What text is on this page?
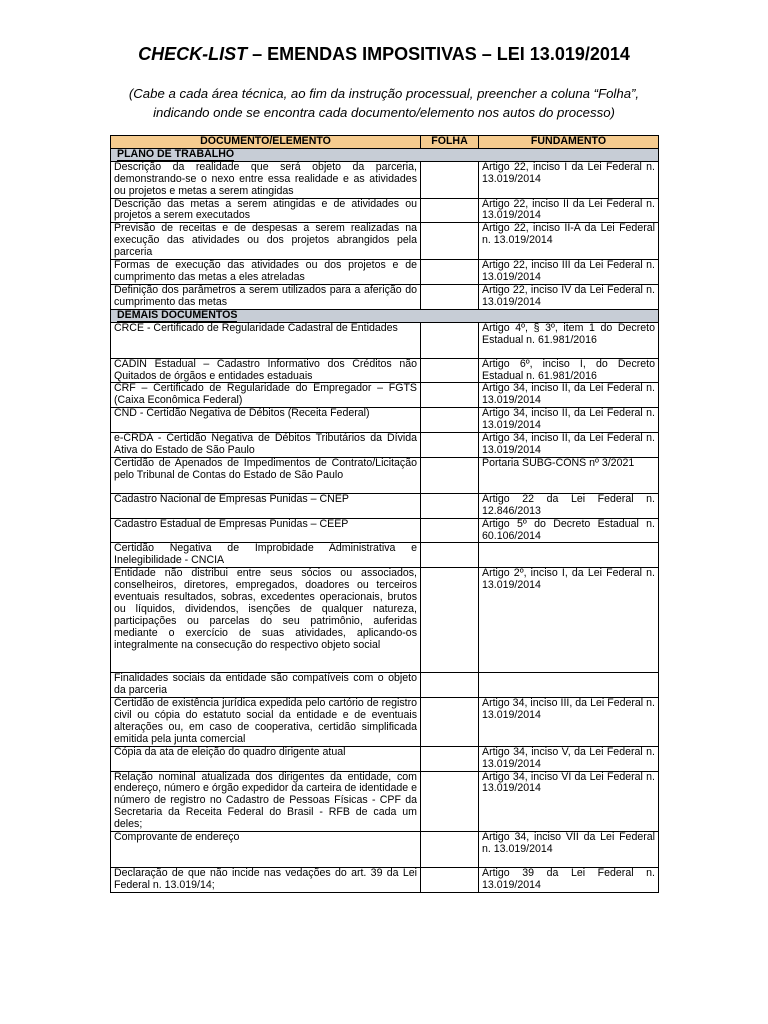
CHECK-LIST – EMENDAS IMPOSITIVAS – LEI 13.019/2014
(Cabe a cada área técnica, ao fim da instrução processual, preencher a coluna “Folha”,
indicando onde se encontra cada documento/elemento nos autos do processo)
DOCUMENTO/ELEMENTO	FOLHA	FUNDAMENTO
PLANO DE TRABALHO		
Descrição da realidade que será objeto da parceria, demonstrando-se o nexo entre essa realidade e as atividades ou projetos e metas a serem atingidas		Artigo 22, inciso I da Lei Federal n. 13.019/2014
Descrição das metas a serem atingidas e de atividades ou projetos a serem executados		Artigo 22, inciso II da Lei Federal n. 13.019/2014
Previsão de receitas e de despesas a serem realizadas na execução das atividades ou dos projetos abrangidos pela parceria		Artigo 22, inciso II-A da Lei Federal n. 13.019/2014
Formas de execução das atividades ou dos projetos e de cumprimento das metas a eles atreladas		Artigo 22, inciso III da Lei Federal n. 13.019/2014
Definição dos parâmetros a serem utilizados para a aferição do cumprimento das metas		Artigo 22, inciso IV da Lei Federal n. 13.019/2014
DEMAIS DOCUMENTOS		
CRCE - Certificado de Regularidade Cadastral de Entidades		Artigo 4º, § 3º, item 1 do Decreto Estadual n. 61.981/2016
CADIN Estadual – Cadastro Informativo dos Créditos não Quitados de órgãos e entidades estaduais		Artigo 6º, inciso I, do Decreto Estadual n. 61.981/2016
CRF – Certificado de Regularidade do Empregador – FGTS (Caixa Econômica Federal)		Artigo 34, inciso II, da Lei Federal n. 13.019/2014
CND - Certidão Negativa de Débitos (Receita Federal)		Artigo 34, inciso II, da Lei Federal n. 13.019/2014
e-CRDA - Certidão Negativa de Débitos Tributários da Dívida Ativa do Estado de São Paulo		Artigo 34, inciso II, da Lei Federal n. 13.019/2014
Certidão de Apenados de Impedimentos de Contrato/Licitação pelo Tribunal de Contas do Estado de São Paulo		Portaria SUBG-CONS nº 3/2021
Cadastro Nacional de Empresas Punidas – CNEP		Artigo 22 da Lei Federal n. 12.846/2013
Cadastro Estadual de Empresas Punidas – CEEP		Artigo 5º do Decreto Estadual n. 60.106/2014
Certidão Negativa de Improbidade Administrativa e Inelegibilidade - CNCIA		
Entidade não distribui entre seus sócios ou associados, conselheiros, diretores, empregados, doadores ou terceiros eventuais resultados, sobras, excedentes operacionais, brutos ou líquidos, dividendos, isenções de qualquer natureza, participações ou parcelas do seu patrimônio, auferidas mediante o exercício de suas atividades, aplicando-os integralmente na consecução do respectivo objeto social		Artigo 2º, inciso I, da Lei Federal n. 13.019/2014
Finalidades sociais da entidade são compatíveis com o objeto da parceria		
Certidão de existência jurídica expedida pelo cartório de registro civil ou cópia do estatuto social da entidade e de eventuais alterações ou, em caso de cooperativa, certidão simplificada emitida pela junta comercial		Artigo 34, inciso III, da Lei Federal n. 13.019/2014
Cópia da ata de eleição do quadro dirigente atual		Artigo 34, inciso V, da Lei Federal n. 13.019/2014
Relação nominal atualizada dos dirigentes da entidade, com endereço, número e órgão expedidor da carteira de identidade e número de registro no Cadastro de Pessoas Físicas - CPF da Secretaria da Receita Federal do Brasil - RFB de cada um deles;		Artigo 34, inciso VI da Lei Federal n. 13.019/2014
Comprovante de endereço		Artigo 34, inciso VII da Lei Federal n. 13.019/2014
Declaração de que não incide nas vedações do art. 39 da Lei Federal n. 13.019/14;		Artigo 39 da Lei Federal n. 13.019/2014
